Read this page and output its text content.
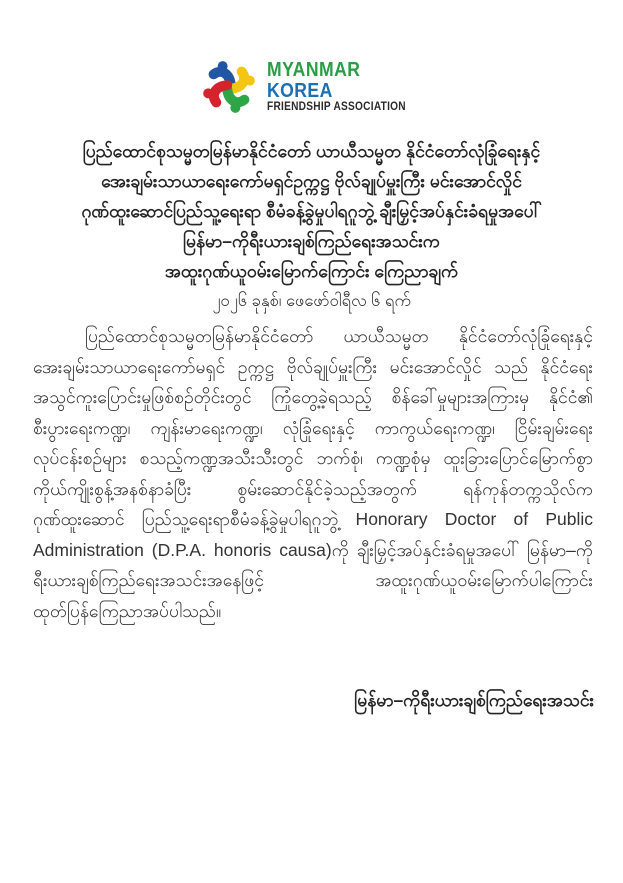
MYANMAR
KOREA
FRIENDSHIP ASSOCIATION
ပြည်ထောင်စုသမ္မတမြန်မာနိုင်ငံတော် ယာယီသမ္မတ နိုင်ငံတော်လုံခြုံရေးနှင့်
အေးချမ်းသာယာရေးကော်မရှင်ဥက္ကဋ္ဌ ဗိုလ်ချုပ်မှူးကြီး မင်းအောင်လှိုင်
ဂုဏ်ထူးဆောင်ပြည်သူ့ရေးရာ စီမံခန့်ခွဲမှုပါရဂူဘွဲ့ ချီးမြှင့်အပ်နှင်းခံရမှုအပေါ်
မြန်မာ–ကိုရီးယားချစ်ကြည်ရေးအသင်းက
အထူးဂုဏ်ယူဝမ်းမြောက်ကြောင်း ကြေညာချက်
၂၀၂၆ ခုနှစ်၊ ဖေဖော်ဝါရီလ ၆ ရက်

ပြည်ထောင်စုသမ္မတမြန်မာနိုင်ငံတော် ယာယီသမ္မတ နိုင်ငံတော်လုံခြုံရေးနှင့် အေးချမ်းသာယာရေးကော်မရှင် ဥက္ကဋ္ဌ ဗိုလ်ချုပ်မှူးကြီး မင်းအောင်လှိုင် သည် နိုင်ငံရေး အသွင်ကူးပြောင်းမှုဖြစ်စဉ်တိုင်းတွင် ကြုံတွေ့ခဲ့ရသည့် စိန်ခေါ်မှုများအကြားမှ နိုင်ငံ၏ စီးပွားရေးကဏ္ဍ၊ ကျန်းမာရေးကဏ္ဍ၊ လုံခြုံရေးနှင့် ကာကွယ်ရေးကဏ္ဍ၊ ငြိမ်းချမ်းရေး လုပ်ငန်းစဉ်များ စသည့်ကဏ္ဍအသီးသီးတွင် ဘက်စုံ၊ ကဏ္ဍစုံမှ ထူးခြားပြောင်မြောက်စွာ ကိုယ်ကျိုးစွန့်အနစ်နာခံပြီး စွမ်းဆောင်နိုင်ခဲ့သည့်အတွက် ရန်ကုန်တက္ကသိုလ်က ဂုဏ်ထူးဆောင် ပြည်သူ့ရေးရာစီမံခန့်ခွဲမှုပါရဂူဘွဲ့ Honorary Doctor of Public Administration (D.P.A. honoris causa)ကို ချီးမြှင့်အပ်နှင်းခံရမှုအပေါ် မြန်မာ–ကိုရီးယားချစ်ကြည်ရေးအသင်းအနေဖြင့် အထူးဂုဏ်ယူဝမ်းမြောက်ပါကြောင်း ထုတ်ပြန်ကြေညာအပ်ပါသည်။

မြန်မာ–ကိုရီးယားချစ်ကြည်ရေးအသင်း
